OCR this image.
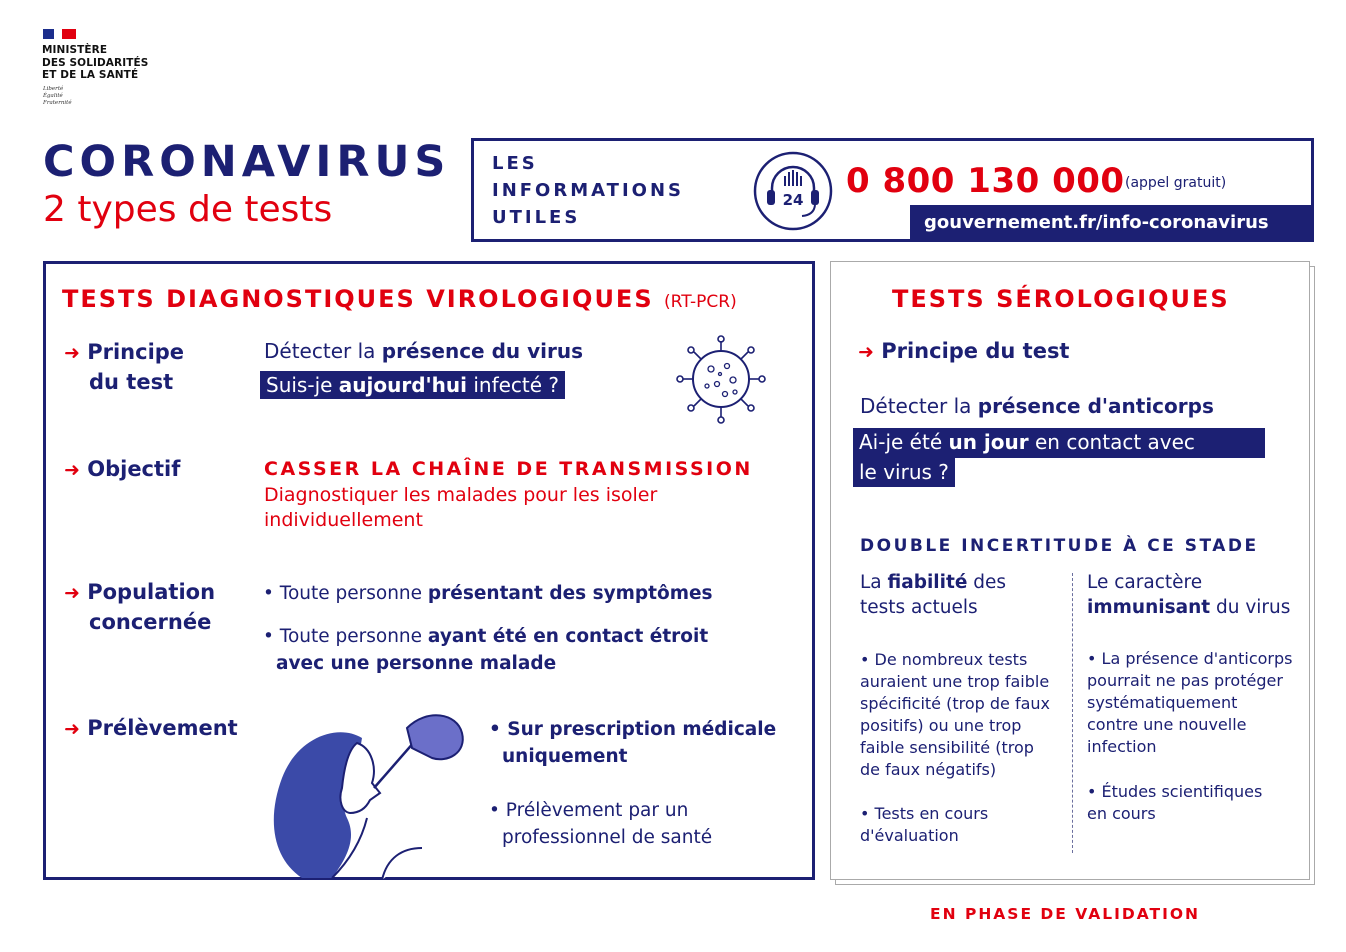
MINISTÈRE
DES SOLIDARITÉS
ET DE LA SANTÉ
Liberté
Égalité
Fraternité
CORONAVIRUS
2 types de tests
LES
INFORMATIONS
UTILES
24 0 800 130 000 (appel gratuit)
gouvernement.fr/info-coronavirus
TESTS DIAGNOSTIQUES VIROLOGIQUES (RT-PCR)
➜ Principe
du test
Détecter la présence du virus
Suis-je aujourd'hui infecté ?
➜ Objectif	CASSER LA CHAÎNE DE TRANSMISSION
Diagnostiquer les malades pour les isoler
individuellement
➜ Population
concernée
• Toute personne présentant des symptômes
• Toute personne ayant été en contact étroit
avec une personne malade
➜ Prélèvement	• Sur prescription médicale
uniquement
• Prélèvement par un
professionnel de santé
TESTS SÉROLOGIQUES
➜ Principe du test
Détecter la présence d'anticorps
Ai-je été un jour en contact avec
le virus ?
DOUBLE INCERTITUDE À CE STADE
La fiabilité des
tests actuels
• De nombreux tests
auraient une trop faible
spécificité (trop de faux
positifs) ou une trop
faible sensibilité (trop
de faux négatifs)
• Tests en cours
d'évaluation
Le caractère
immunisant du virus
• La présence d'anticorps
pourrait ne pas protéger
systématiquement
contre une nouvelle
infection
• Études scientifiques
en cours
EN PHASE DE VALIDATION
